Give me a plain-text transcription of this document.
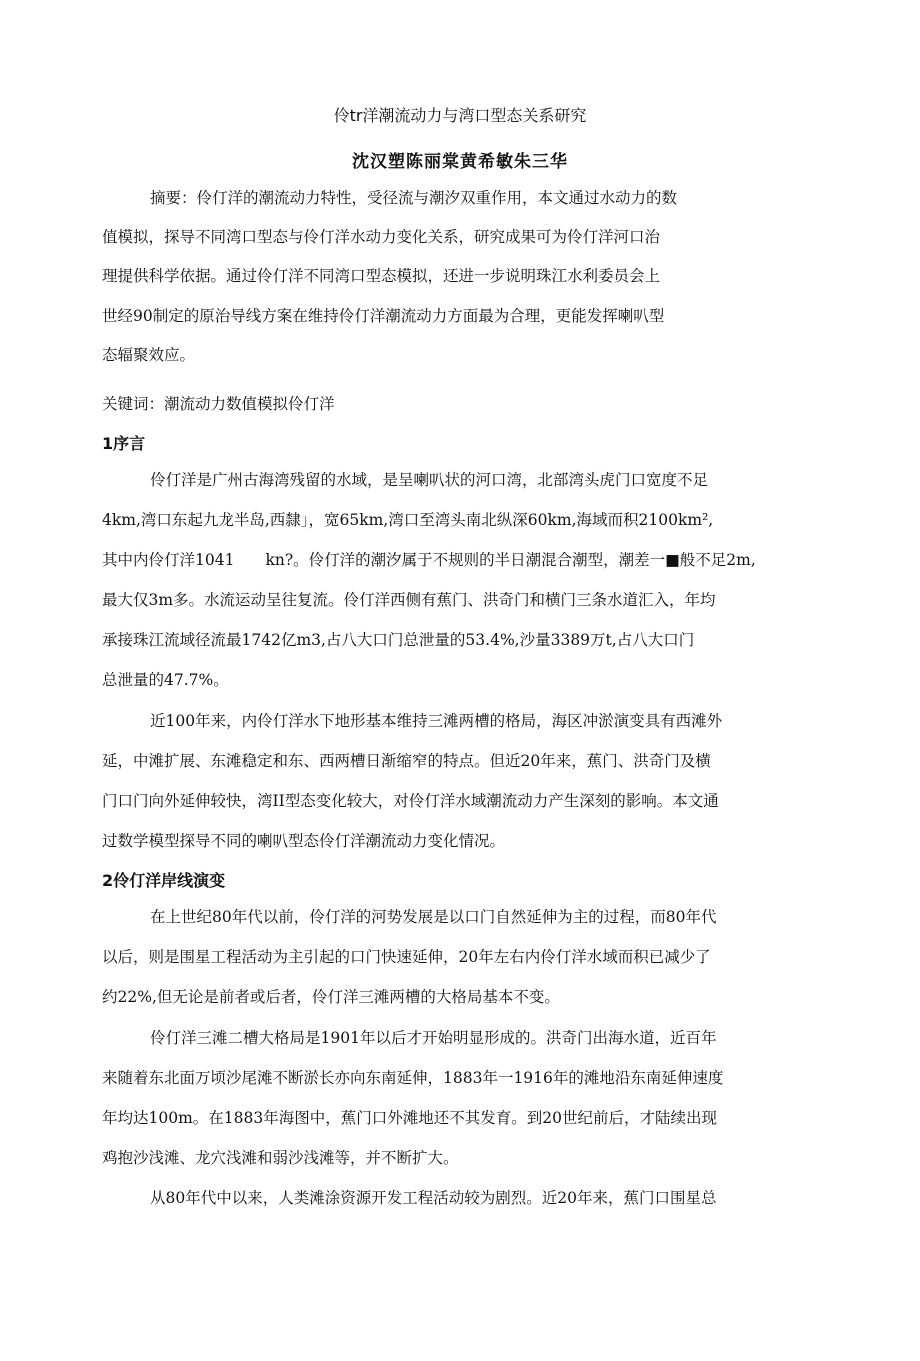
伶tr洋潮流动力与湾口型态关系研究
沈汉塑陈丽棠黄希敏朱三华
摘要：伶仃洋的潮流动力特性，受径流与潮汐双重作用，本文通过水动力的数
值模拟，探导不同湾口型态与伶仃洋水动力变化关系，研究成果可为伶仃洋河口治
理提供科学依据。通过伶仃洋不同湾口型态模拟，还进一步说明珠江水利委员会上
世经90制定的原治导线方案在维持伶仃洋潮流动力方面最为合理，更能发挥喇叭型
态辐聚效应。
关键词：潮流动力数值模拟伶仃洋
1序言
伶仃洋是广州古海湾残留的水域，是呈喇叭状的河口湾，北部湾头虎门口宽度不足
4km,湾口东起九龙半岛,西隸」，宽65km,湾口至湾头南北纵深60km,海域而积2100km²,
其中内伶仃洋1041　　kn?。伶仃洋的潮汐属于不规则的半日潮混合潮型，潮差一■般不足2m,
最大仅3m多。水流运动呈往复流。伶仃洋西侧有蕉门、洪奇门和横门三条水道汇入，年均
承接珠江流域径流最1742亿m3,占八大口门总泄量的53.4%,沙量3389万t,占八大口门
总泄量的47.7%。
近100年来，内伶仃洋水下地形基本维持三滩两槽的格局，海区冲淤演变具有西滩外
延，中滩扩展、东滩稳定和东、西两槽日渐缩窄的特点。但近20年来，蕉门、洪奇门及横
门口门向外延伸较快，湾II型态变化较大，对伶仃洋水域潮流动力产生深刻的影响。本文通
过数学模型探导不同的喇叭型态伶仃洋潮流动力变化情况。
2伶仃洋岸线演变
在上世纪80年代以前，伶仃洋的河势发展是以口门自然延伸为主的过程，而80年代
以后，则是围星工程活动为主引起的口门快速延伸，20年左右内伶仃洋水域而积已减少了
约22%,但无论是前者或后者，伶仃洋三滩两槽的大格局基本不变。
伶仃洋三滩二槽大格局是1901年以后才开始明显形成的。洪奇门出海水道，近百年
来随着东北面万顷沙尾滩不断淤长亦向东南延伸，1883年一1916年的滩地沿东南延伸速度
年均达100m。在1883年海图中，蕉门口外滩地还不其发育。到20世纪前后，才陆续出现
鸡抱沙浅滩、龙穴浅滩和弱沙浅滩等，并不断扩大。
从80年代中以来，人类滩涂资源开发工程活动较为剧烈。近20年来，蕉门口围星总
